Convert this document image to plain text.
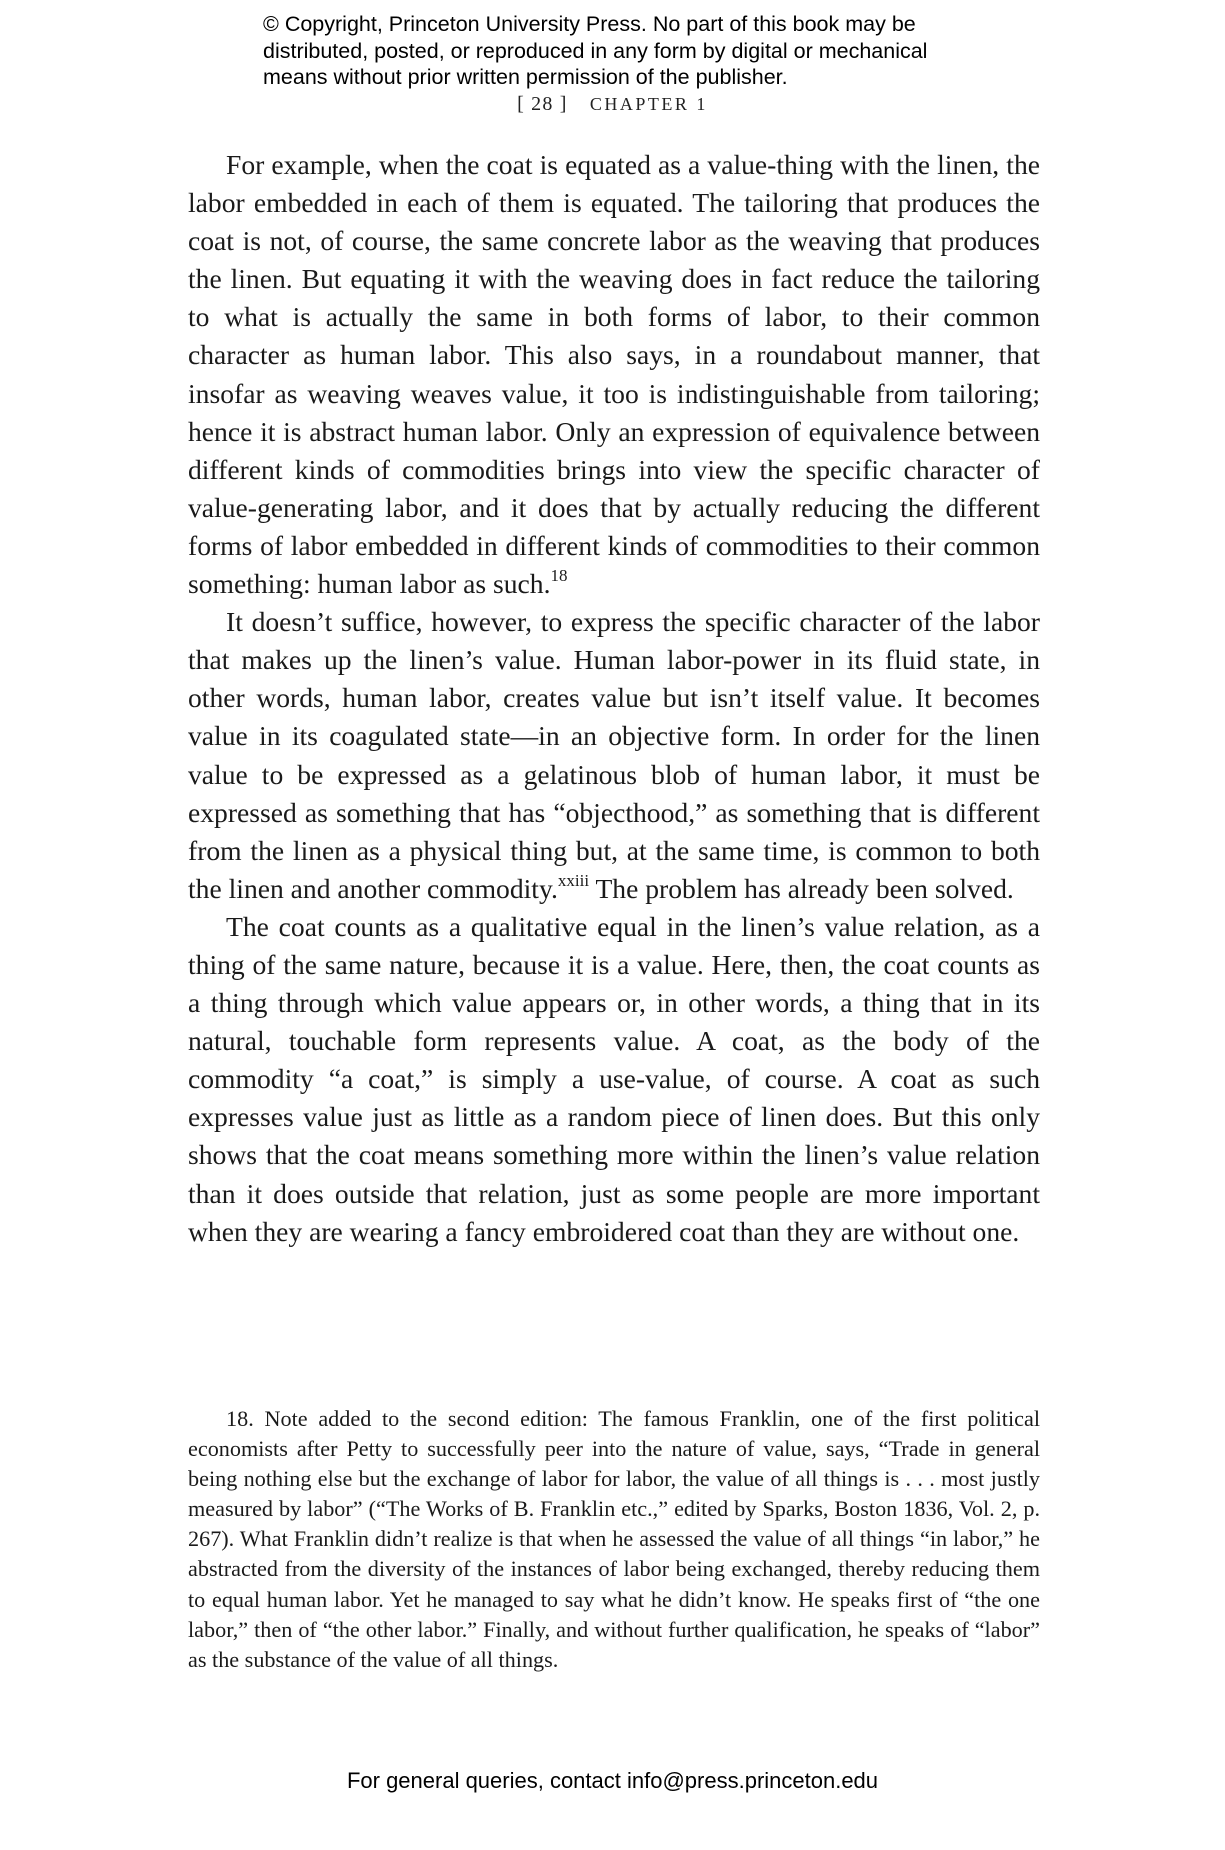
© Copyright, Princeton University Press. No part of this book may be

distributed, posted, or reproduced in any form by digital or mechanical

means without prior written permission of the publisher.

[ 28 ] CHAPTER 1

For example, when the coat is equated as a value-thing with the linen, the labor embedded in each of them is equated. The tailoring that produces the coat is not, of course, the same concrete labor as the weaving that produces the linen. But equating it with the weaving does in fact reduce the tailoring to what is actually the same in both forms of labor, to their common character as human labor. This also says, in a roundabout manner, that insofar as weaving weaves value, it too is indistinguishable from tailoring; hence it is abstract human labor. Only an expression of equivalence between different kinds of commodities brings into view the specific character of value-generating labor, and it does that by actually reducing the different forms of labor embedded in different kinds of commodities to their common something: human labor as such.$^{18}$

It doesn’t suffice, however, to express the specific character of the labor that makes up the linen’s value. Human labor-power in its fluid state, in other words, human labor, creates value but isn’t itself value. It becomes value in its coagulated state—in an objective form. In order for the linen value to be expressed as a gelatinous blob of human labor, it must be expressed as something that has “objecthood,” as something that is different from the linen as a physical thing but, at the same time, is common to both the linen and another commodity.$^{xxiii}$ The problem has already been solved.

The coat counts as a qualitative equal in the linen’s value relation, as a thing of the same nature, because it is a value. Here, then, the coat counts as a thing through which value appears or, in other words, a thing that in its natural, touchable form represents value. A coat, as the body of the commodity “a coat,” is simply a use-value, of course. A coat as such expresses value just as little as a random piece of linen does. But this only shows that the coat means something more within the linen’s value relation than it does outside that relation, just as some people are more important when they are wearing a fancy embroidered coat than they are without one.

18. Note added to the second edition: The famous Franklin, one of the first political economists after Petty to successfully peer into the nature of value, says, “Trade in general being nothing else but the exchange of labor for labor, the value of all things is . . . most justly measured by labor” (“The Works of B. Franklin etc.,” edited by Sparks, Boston 1836, Vol. 2, p. 267). What Franklin didn’t realize is that when he assessed the value of all things “in labor,” he abstracted from the diversity of the instances of labor being exchanged, thereby reducing them to equal human labor. Yet he managed to say what he didn’t know. He speaks first of “the one labor,” then of “the other labor.” Finally, and without further qualification, he speaks of “labor” as the substance of the value of all things.

For general queries, contact info@press.princeton.edu
